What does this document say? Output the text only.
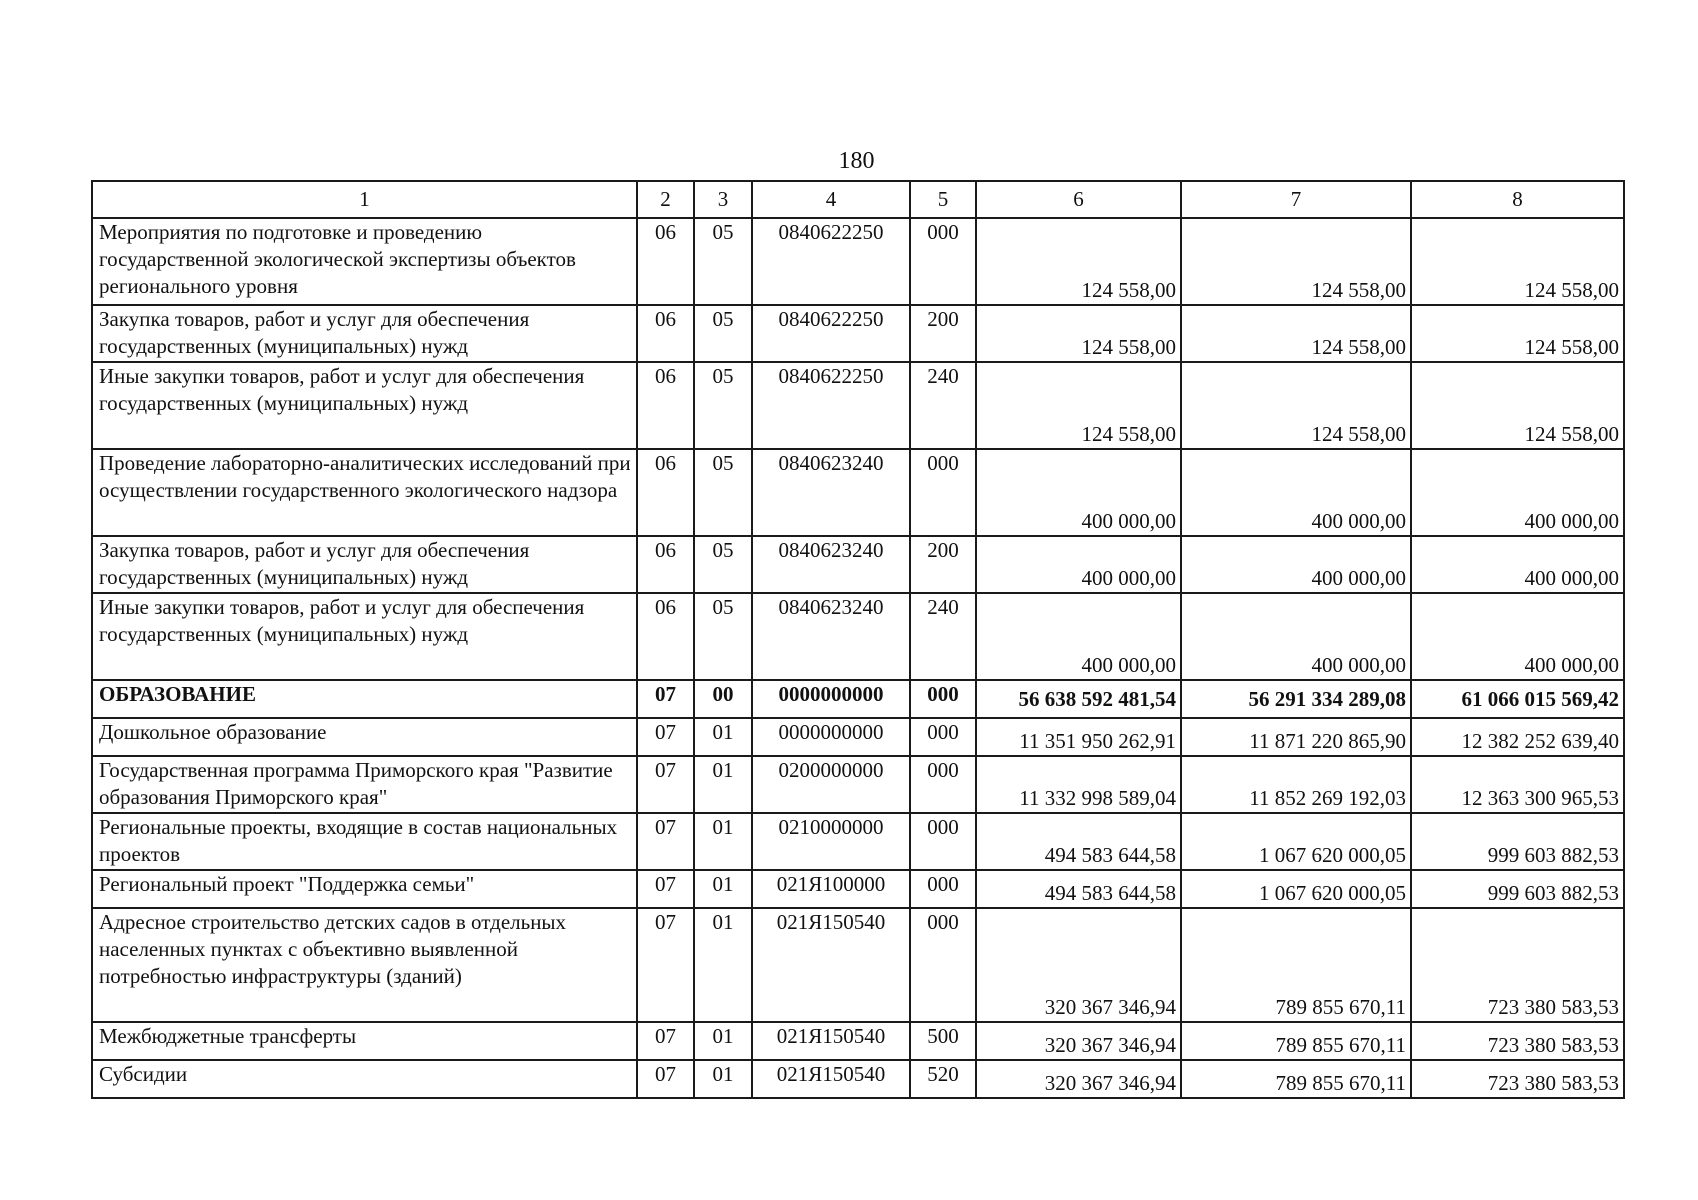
180
1	2	3	4	5	6	7	8
Мероприятия по подготовке и проведению государственной экологической экспертизы объектов регионального уровня	06	05	0840622250	000	124 558,00	124 558,00	124 558,00
Закупка товаров, работ и услуг для обеспечения государственных (муниципальных) нужд	06	05	0840622250	200	124 558,00	124 558,00	124 558,00
Иные закупки товаров, работ и услуг для обеспечения государственных (муниципальных) нужд	06	05	0840622250	240	124 558,00	124 558,00	124 558,00
Проведение лабораторно-аналитических исследований при осуществлении государственного экологического надзора	06	05	0840623240	000	400 000,00	400 000,00	400 000,00
Закупка товаров, работ и услуг для обеспечения государственных (муниципальных) нужд	06	05	0840623240	200	400 000,00	400 000,00	400 000,00
Иные закупки товаров, работ и услуг для обеспечения государственных (муниципальных) нужд	06	05	0840623240	240	400 000,00	400 000,00	400 000,00
ОБРАЗОВАНИЕ	07	00	0000000000	000	56 638 592 481,54	56 291 334 289,08	61 066 015 569,42
Дошкольное образование	07	01	0000000000	000	11 351 950 262,91	11 871 220 865,90	12 382 252 639,40
Государственная программа Приморского края "Развитие образования Приморского края"	07	01	0200000000	000	11 332 998 589,04	11 852 269 192,03	12 363 300 965,53
Региональные проекты, входящие в состав национальных проектов	07	01	0210000000	000	494 583 644,58	1 067 620 000,05	999 603 882,53
Региональный проект "Поддержка семьи"	07	01	021Я100000	000	494 583 644,58	1 067 620 000,05	999 603 882,53
Адресное строительство детских садов в отдельных населенных пунктах с объективно выявленной потребностью инфраструктуры (зданий)	07	01	021Я150540	000	320 367 346,94	789 855 670,11	723 380 583,53
Межбюджетные трансферты	07	01	021Я150540	500	320 367 346,94	789 855 670,11	723 380 583,53
Субсидии	07	01	021Я150540	520	320 367 346,94	789 855 670,11	723 380 583,53
